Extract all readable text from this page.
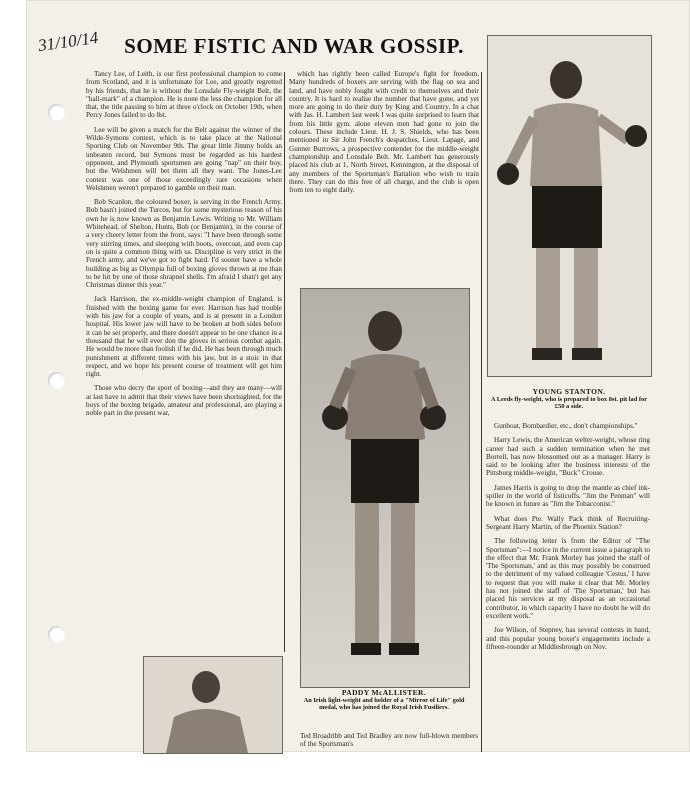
31/10/14	SOME FISTIC AND WAR GOSSIP.

Tancy Lee, of Leith, is our first professional champion to come from Scotland, and it is unfortunate for Lee, and greatly regretted by his friends, that he is without the Lonsdale Fly-weight Belt, the "hall-mark" of a champion. He is none the less the champion for all that, the title passing to him at three o'clock on October 19th, when Percy Jones failed to do 8st.

Lee will be given a match for the Belt against the winner of the Wilde-Symons contest, which is to take place at the National Sporting Club on November 9th. The great little Jimmy holds an unbeaten record, but Symons must be regarded as his hardest opponent, and Plymouth sportsmen are going "nap" on their boy, but the Welshmen will bet them all they want. The Jones-Lee contest was one of those exceedingly rare occasions when Welshmen weren't prepared to gamble on their man.

Bob Scanlon, the coloured boxer, is serving in the French Army. Bob hasn't joined the Turcos, but for some mysterious reason of his own he is now known as Benjamin Lewis. Writing to Mr. William Whitehead, of Shelton, Hunts, Bob (or Benjamin), in the course of a very cheery letter from the front, says: "I have been through some very stirring times, and sleeping with boots, overcoat, and even cap on is quite a common thing with us. Discipline is very strict in the French army, and we've got to fight hard. I'd sooner have a whole building as big as Olympia full of boxing gloves thrown at me than to be hit by one of those shrapnel shells. I'm afraid I shan't get any Christmas dinner this year."

Jack Harrison, the ex-middle-weight champion of England, is finished with the boxing game for ever. Harrison has had trouble with his jaw for a couple of years, and is at present in a London hospital. His lower jaw will have to be broken at both sides before it can be set properly, and there doesn't appear to be one chance in a thousand that he will ever don the gloves in serious combat again. He would be more than foolish if he did. He has been through much punishment at different times with his jaw, but in a stoic in that respect, and we hope his present course of treatment will get him right.

Those who decry the sport of boxing—and they are many—will at last have to admit that their views have been shortsighted, for the boys of the boxing brigade, amateur and professional, are playing a noble part in the present war,

which has rightly been called Europe's fight for freedom. Many hundreds of boxers are serving with the flag on sea and land, and have nobly fought with credit to themselves and their country. It is hard to realise the number that have gone, and yet more are going to do their duty by King and Country. In a chat with Jas. H. Lambert last week I was quite surprised to learn that from his little gym. alone eleven men had gone to join the colours. These include Lieut. H. J. S. Shields, who has been mentioned in Sir John French's despatches, Lieut. Lapage, and Gunner Burrows, a prospective contender for the middle-weight championship and Lonsdale Belt. Mr. Lambert has generously placed his club at 1, North Street, Kennington, at the disposal of any members of the Sportsman's Battalion who wish to train there. They can do this free of all charge, and the club is open from ten to eight daily.

PADDY McALLISTER.
An Irish light-weight and holder of a "Mirror of Life" gold medal, who has joined the Royal Irish Fusiliers.
Ted Broadribb and Ted Bradley are now full-blown members of the Sportsman's
YOUNG STANTON.
A Leeds fly-weight, who is prepared to box 8st. pit lad for £50 a side.

Gunboat, Bombardier, etc., don't championships."

Harry Lewis, the American welter-weight, whose ring career had such a sudden termination when he met Borrell, has now blossomed out as a manager. Harry is said to be looking after the business interests of the Pittsburg middle-weight, "Buck" Crouse.

James Harris is going to drop the mantle as chief ink-spiller in the world of fisticuffs. "Jim the Penman" will be known in future as "Jim the Tobacconist."

What does Pte. Wally Pack think of Recruiting-Sergeant Harry Martin, of the Phoenix Station?

The following letter is from the Editor of "The Sportsman":—I notice in the current issue a paragraph to the effect that Mr. Frank Morley has joined the staff of 'The Sportsman,' and as this may possibly be construed to the detriment of my valued colleague 'Cestus,' I have to request that you will make it clear that Mr. Morley has not joined the staff of 'The Sportsman,' but has placed his services at my disposal as an occasional contributor, in which capacity I have no doubt he will do excellent work."

Joe Wilson, of Stepney, has several contests in hand, and this popular young boxer's engagements include a fifteen-rounder at Middlesbrough on Nov.
